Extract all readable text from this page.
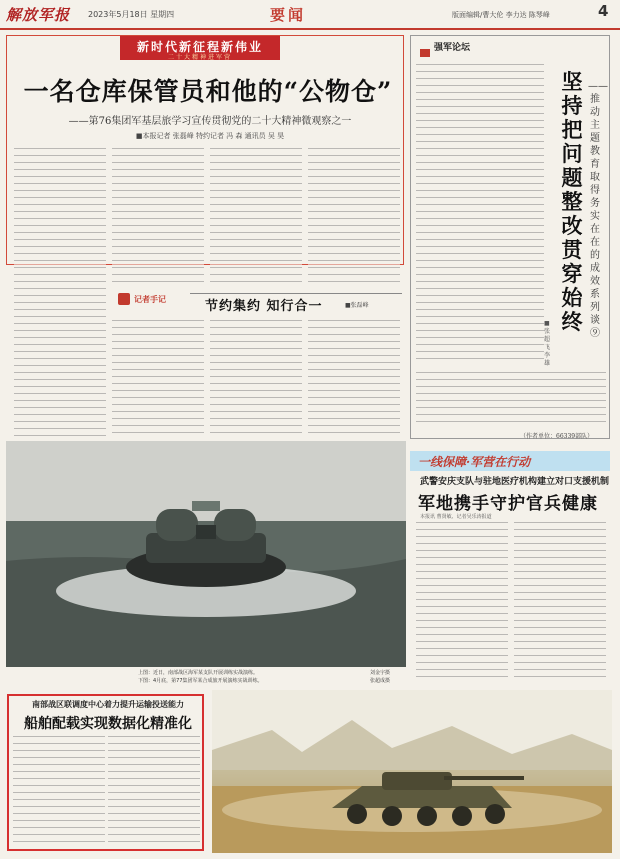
解放军报 2023年5月18日 星期四	要闻	版面编辑/曹大伦 李力达 陈琴峰	4
新时代新征程新伟业
二十大精神进军营
一名仓库保管员和他的“公物仓”
——第76集团军基层旅学习宣传贯彻党的二十大精神微观察之一
■本报记者 张磊峰 特约记者 冯 森 通讯员 吴 昊
记者手记	节约集约 知行合一	■张磊峰
强军论坛
坚持把问题整改贯穿始终
——推动主题教育取得务实在在的成效系列谈⑨
■张超飞 李雄
（作者单位：66339部队）
上图：近日，南部战区海军某支队开展训练实战演练。	刘金宇摄
下图：4月底，第77集团军某合成旅开展演练实战训练。	张超成摄
一线保障·军营在行动
武警安庆支队与驻地医疗机构建立对口支援机制
军地携手守护官兵健康
本报讯 曹贤敏、记者吴乐涛报道
南部战区联调度中心着力提升运输投送能力
船舶配载实现数据化精准化
